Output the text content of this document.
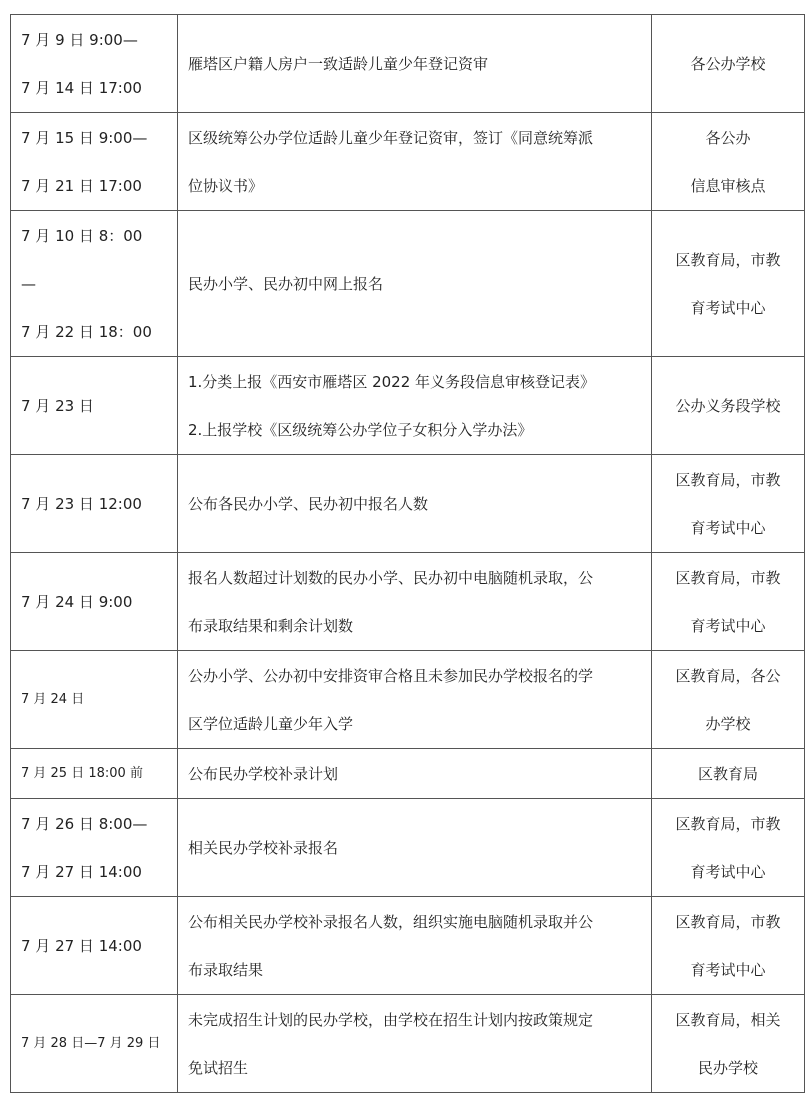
7 月 9 日 9:00—
7 月 14 日 17:00	雁塔区户籍人房户一致适龄儿童少年登记资审	各公办学校

7 月 15 日 9:00—
7 月 21 日 17:00	区级统筹公办学位适龄儿童少年登记资审，签订《同意统筹派
位协议书》	各公办
信息审核点

7 月 10 日 8：00
—
7 月 22 日 18：00	民办小学、民办初中网上报名	区教育局，市教
育考试中心

7 月 23 日	1.分类上报《西安市雁塔区 2022 年义务段信息审核登记表》
2.上报学校《区级统筹公办学位子女积分入学办法》	公办义务段学校

7 月 23 日 12:00	公布各民办小学、民办初中报名人数	区教育局，市教
育考试中心

7 月 24 日 9:00	报名人数超过计划数的民办小学、民办初中电脑随机录取，公
布录取结果和剩余计划数	区教育局，市教
育考试中心

7 月 24 日	公办小学、公办初中安排资审合格且未参加民办学校报名的学
区学位适龄儿童少年入学	区教育局，各公
办学校

7 月 25 日 18:00 前	公布民办学校补录计划	区教育局

7 月 26 日 8:00—
7 月 27 日 14:00	相关民办学校补录报名	区教育局，市教
育考试中心

7 月 27 日 14:00	公布相关民办学校补录报名人数，组织实施电脑随机录取并公
布录取结果	区教育局，市教
育考试中心

7 月 28 日—7 月 29 日	未完成招生计划的民办学校，由学校在招生计划内按政策规定
免试招生	区教育局，相关
民办学校
